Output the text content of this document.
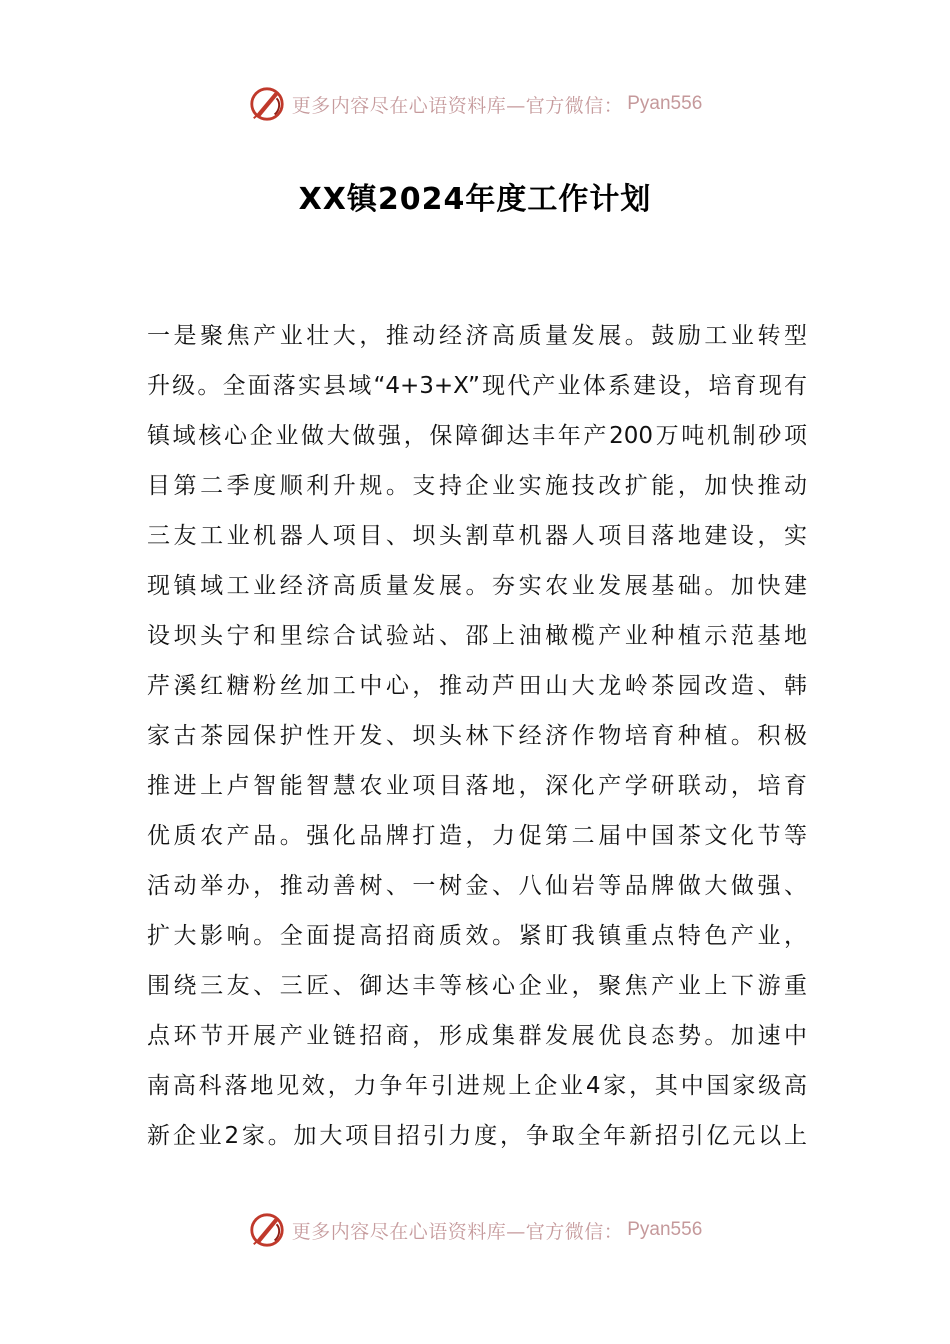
更多内容尽在心语资料库—官方微信： Pyan556
XX镇2024年度工作计划
一是聚焦产业壮大，推动经济高质量发展。鼓励工业转型
升级。全面落实县域“4+3+X”现代产业体系建设，培育现有
镇域核心企业做大做强，保障御达丰年产200万吨机制砂项
目第二季度顺利升规。支持企业实施技改扩能，加快推动
三友工业机器人项目、坝头割草机器人项目落地建设，实
现镇域工业经济高质量发展。夯实农业发展基础。加快建
设坝头宁和里综合试验站、邵上油橄榄产业种植示范基地
芹溪红糖粉丝加工中心，推动芦田山大龙岭茶园改造、韩
家古茶园保护性开发、坝头林下经济作物培育种植。积极
推进上卢智能智慧农业项目落地，深化产学研联动，培育
优质农产品。强化品牌打造，力促第二届中国茶文化节等
活动举办，推动善树、一树金、八仙岩等品牌做大做强、
扩大影响。全面提高招商质效。紧盯我镇重点特色产业，
围绕三友、三匠、御达丰等核心企业，聚焦产业上下游重
点环节开展产业链招商，形成集群发展优良态势。加速中
南高科落地见效，力争年引进规上企业4家，其中国家级高
新企业2家。加大项目招引力度，争取全年新招引亿元以上
更多内容尽在心语资料库—官方微信： Pyan556
